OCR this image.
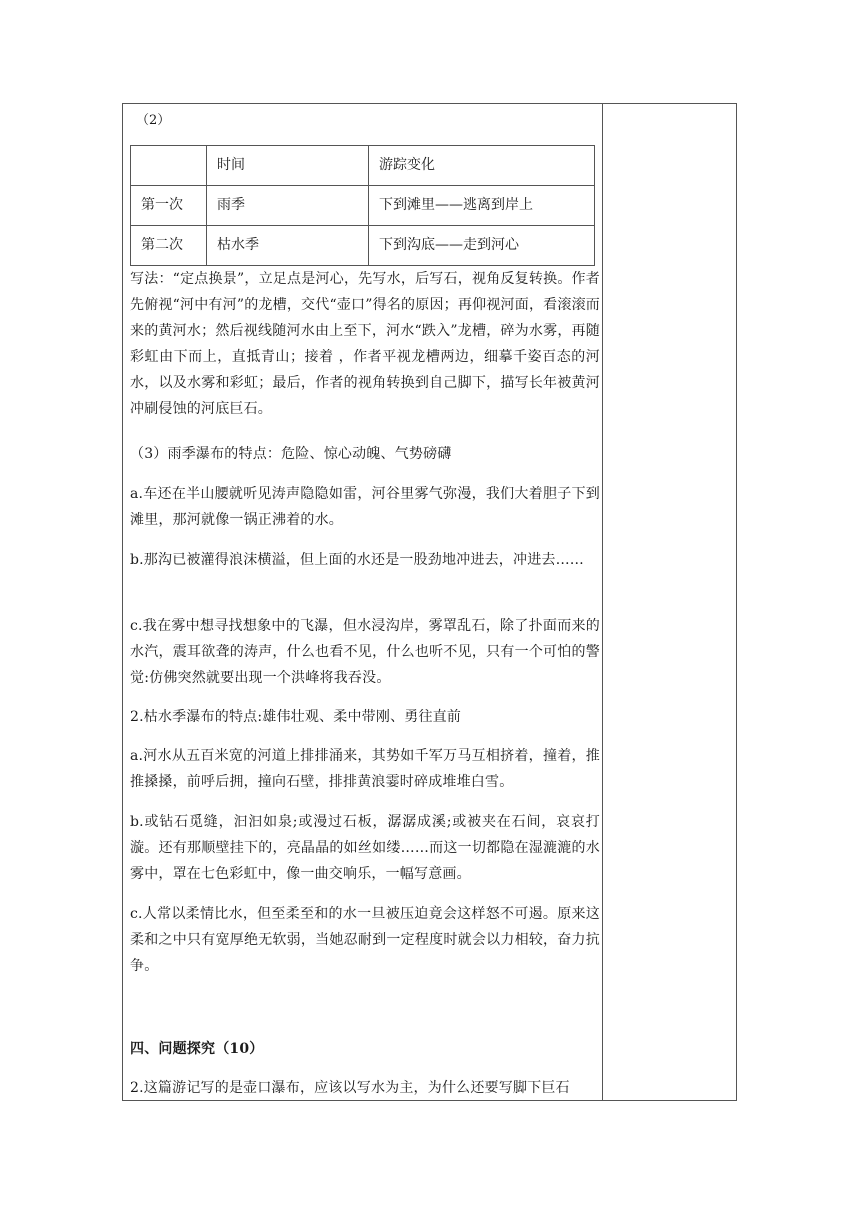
（2）
	时间	游踪变化
第一次	雨季	下到滩里——逃离到岸上
第二次	枯水季	下到沟底——走到河心
写法：“定点换景”，立足点是河心，先写水，后写石，视角反复转换。作者先俯视“河中有河”的龙槽，交代“壶口”得名的原因；再仰视河面，看滚滚而来的黄河水；然后视线随河水由上至下，河水“跌入”龙槽，碎为水雾，再随彩虹由下而上，直抵青山；接着 ，作者平视龙槽两边，细摹千姿百态的河水，以及水雾和彩虹；最后，作者的视角转换到自己脚下，描写长年被黄河冲刷侵蚀的河底巨石。
（3）雨季瀑布的特点：危险、惊心动魄、气势磅礴
a.车还在半山腰就听见涛声隐隐如雷，河谷里雾气弥漫，我们大着胆子下到滩里，那河就像一锅正沸着的水。
b.那沟已被灌得浪沫横溢，但上面的水还是一股劲地冲进去，冲进去……
c.我在雾中想寻找想象中的飞瀑，但水浸沟岸，雾罩乱石，除了扑面而来的水汽，震耳欲聋的涛声，什么也看不见，什么也听不见，只有一个可怕的警觉:仿佛突然就要出现一个洪峰将我吞没。
2.枯水季瀑布的特点:雄伟壮观、柔中带刚、勇往直前
a.河水从五百米宽的河道上排排涌来，其势如千军万马互相挤着，撞着，推推搡搡，前呼后拥，撞向石壁，排排黄浪霎时碎成堆堆白雪。
b.或钻石觅缝，汩汩如泉;或漫过石板，潺潺成溪;或被夹在石间，哀哀打漩。还有那顺壁挂下的，亮晶晶的如丝如缕……而这一切都隐在湿漉漉的水雾中，罩在七色彩虹中，像一曲交响乐，一幅写意画。
c.人常以柔情比水，但至柔至和的水一旦被压迫竟会这样怒不可遏。原来这柔和之中只有宽厚绝无软弱，当她忍耐到一定程度时就会以力相较，奋力抗争。
四、问题探究（10）
2.这篇游记写的是壶口瀑布，应该以写水为主，为什么还要写脚下巨石
